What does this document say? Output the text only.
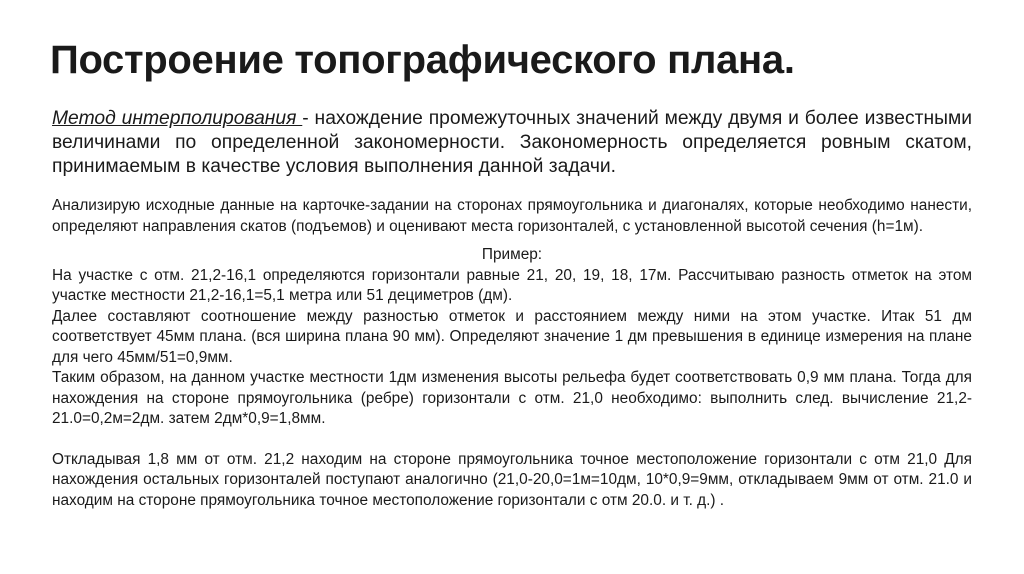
Построение топографического плана.
Метод интерполирования - нахождение промежуточных значений между двумя и более известными величинами по определенной закономерности. Закономерность определяется ровным скатом, принимаемым в качестве условия выполнения данной задачи.

Анализирую исходные данные на карточке-задании на сторонах прямоугольника и диагоналях, которые необходимо нанести, определяют направления скатов (подъемов) и оценивают места горизонталей, с установленной высотой сечения (h=1м).

Пример:

На участке с отм. 21,2-16,1 определяются горизонтали равные 21, 20, 19, 18, 17м. Рассчитываю разность отметок на этом участке местности 21,2-16,1=5,1 метра или 51 дециметров (дм).

Далее составляют соотношение между разностью отметок и расстоянием между ними на этом участке. Итак 51 дм соответствует 45мм плана. (вся ширина плана 90 мм). Определяют значение 1 дм превышения в единице измерения на плане для чего 45мм/51=0,9мм.

Таким образом, на данном участке местности 1дм изменения высоты рельефа будет соответствовать 0,9 мм плана. Тогда для нахождения на стороне прямоугольника (ребре) горизонтали с отм. 21,0 необходимо: выполнить след. вычисление 21,2-21.0=0,2м=2дм. затем 2дм*0,9=1,8мм.

Откладывая 1,8 мм от отм. 21,2 находим на стороне прямоугольника точное местоположение горизонтали с отм 21,0 Для нахождения остальных горизонталей поступают аналогично (21,0-20,0=1м=10дм, 10*0,9=9мм, откладываем 9мм от отм. 21.0 и находим на стороне прямоугольника точное местоположение горизонтали с отм 20.0. и т. д.) .
